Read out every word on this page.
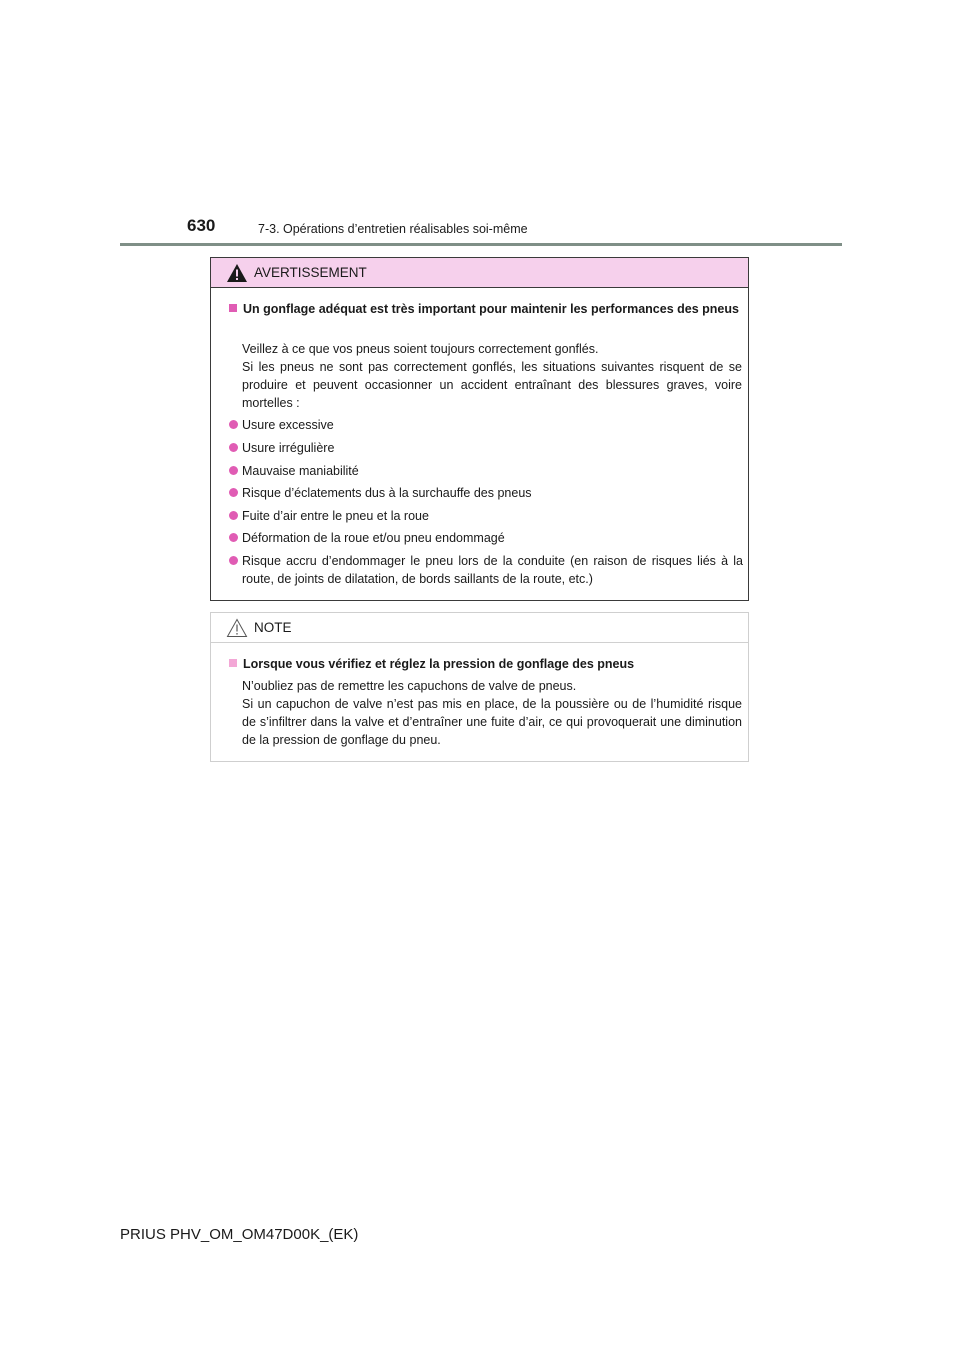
630	7-3. Opérations d’entretien réalisables soi-même
AVERTISSEMENT
Un gonflage adéquat est très important pour maintenir les performances des pneus
Veillez à ce que vos pneus soient toujours correctement gonflés.
Si les pneus ne sont pas correctement gonflés, les situations suivantes risquent de se produire et peuvent occasionner un accident entraînant des blessures graves, voire mortelles :
Usure excessive
Usure irrégulière
Mauvaise maniabilité
Risque d’éclatements dus à la surchauffe des pneus
Fuite d’air entre le pneu et la roue
Déformation de la roue et/ou pneu endommagé
Risque accru d’endommager le pneu lors de la conduite (en raison de risques liés à la route, de joints de dilatation, de bords saillants de la route, etc.)
NOTE
Lorsque vous vérifiez et réglez la pression de gonflage des pneus
N’oubliez pas de remettre les capuchons de valve de pneus.
Si un capuchon de valve n’est pas mis en place, de la poussière ou de l’humidité risque de s’infiltrer dans la valve et d’entraîner une fuite d’air, ce qui provoquerait une diminution de la pression de gonflage du pneu.
PRIUS PHV_OM_OM47D00K_(EK)
